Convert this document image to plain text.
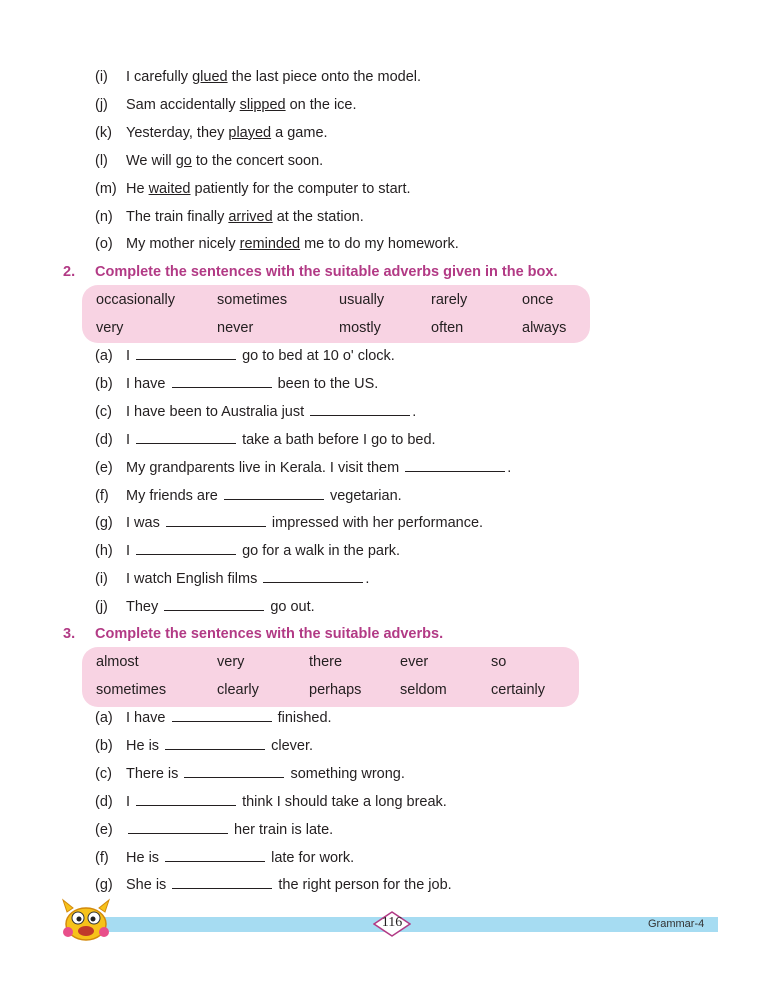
(i) I carefully glued the last piece onto the model.
(j) Sam accidentally slipped on the ice.
(k) Yesterday, they played a game.
(l) We will go to the concert soon.
(m) He waited patiently for the computer to start.
(n) The train finally arrived at the station.
(o) My mother nicely reminded me to do my homework.
2. Complete the sentences with the suitable adverbs given in the box.
occasionally	sometimes	usually	rarely	once
very	never	mostly	often	always
(a) I	go to bed at 10 o' clock.
(b) I have	been to the US.
(c) I have been to Australia just	.
(d) I	take a bath before I go to bed.
(e) My grandparents live in Kerala. I visit them	.
(f) My friends are	vegetarian.
(g) I was	impressed with her performance.
(h) I	go for a walk in the park.
(i) I watch English films	.
(j) They	go out.
3. Complete the sentences with the suitable adverbs.
almost	very	there	ever	so
sometimes	clearly	perhaps	seldom	certainly
(a) I have	finished.
(b) He is	clever.
(c) There is	something wrong.
(d) I	think I should take a long break.
(e)	her train is late.
(f) He is	late for work.
(g) She is	the right person for the job.
116	Grammar-4
